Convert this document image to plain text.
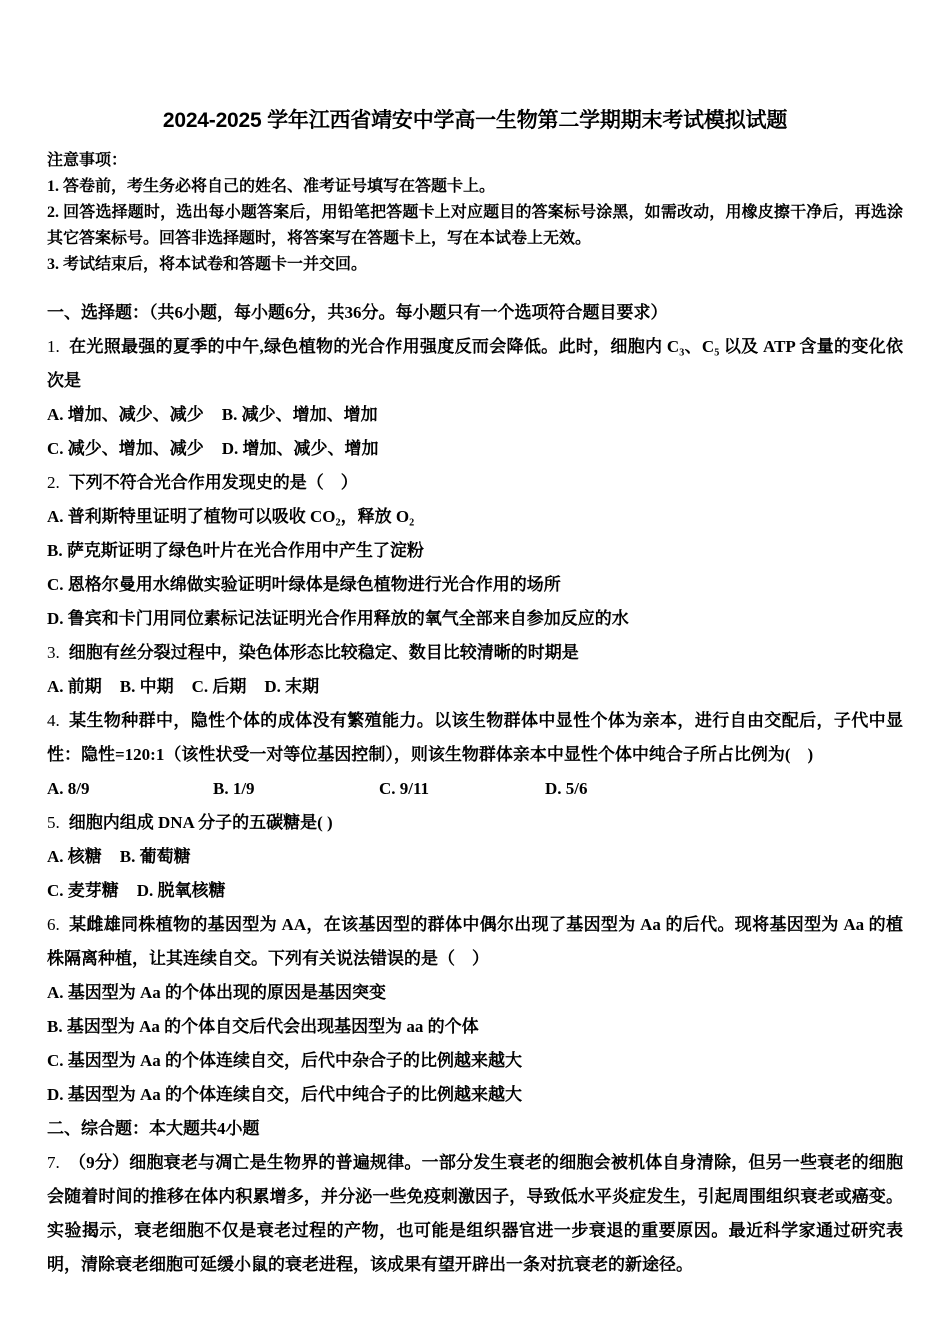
2024-2025 学年江西省靖安中学高一生物第二学期期末考试模拟试题
注意事项：
1. 答卷前，考生务必将自己的姓名、准考证号填写在答题卡上。
2. 回答选择题时，选出每小题答案后，用铅笔把答题卡上对应题目的答案标号涂黑，如需改动，用橡皮擦干净后，再选涂其它答案标号。回答非选择题时，将答案写在答题卡上，写在本试卷上无效。
3. 考试结束后，将本试卷和答题卡一并交回。
一、选择题：（共6小题，每小题6分，共36分。每小题只有一个选项符合题目要求）
1. 在光照最强的夏季的中午,绿色植物的光合作用强度反而会降低。此时，细胞内 C₃、C₅ 以及 ATP 含量的变化依次是
A. 增加、减少、减少 B. 减少、增加、增加
C. 减少、增加、减少 D. 增加、减少、增加
2. 下列不符合光合作用发现史的是（　）
A. 普利斯特里证明了植物可以吸收 CO₂，释放 O₂
B. 萨克斯证明了绿色叶片在光合作用中产生了淀粉
C. 恩格尔曼用水绵做实验证明叶绿体是绿色植物进行光合作用的场所
D. 鲁宾和卡门用同位素标记法证明光合作用释放的氧气全部来自参加反应的水
3. 细胞有丝分裂过程中，染色体形态比较稳定、数目比较清晰的时期是
A. 前期 B. 中期 C. 后期 D. 末期
4. 某生物种群中，隐性个体的成体没有繁殖能力。以该生物群体中显性个体为亲本，进行自由交配后，子代中显性：隐性=120:1（该性状受一对等位基因控制），则该生物群体亲本中显性个体中纯合子所占比例为(　)
A. 8/9	B. 1/9	C. 9/11	D. 5/6
5. 细胞内组成 DNA 分子的五碳糖是( )
A. 核糖 B. 葡萄糖
C. 麦芽糖 D. 脱氧核糖
6. 某雌雄同株植物的基因型为 AA，在该基因型的群体中偶尔出现了基因型为 Aa 的后代。现将基因型为 Aa 的植株隔离种植，让其连续自交。下列有关说法错误的是（　）
A. 基因型为 Aa 的个体出现的原因是基因突变
B. 基因型为 Aa 的个体自交后代会出现基因型为 aa 的个体
C. 基因型为 Aa 的个体连续自交，后代中杂合子的比例越来越大
D. 基因型为 Aa 的个体连续自交，后代中纯合子的比例越来越大
二、综合题：本大题共4小题
7. （9分）细胞衰老与凋亡是生物界的普遍规律。一部分发生衰老的细胞会被机体自身清除，但另一些衰老的细胞会随着时间的推移在体内积累增多，并分泌一些免疫刺激因子，导致低水平炎症发生，引起周围组织衰老或癌变。实验揭示，衰老细胞不仅是衰老过程的产物，也可能是组织器官进一步衰退的重要原因。最近科学家通过研究表明，清除衰老细胞可延缓小鼠的衰老进程，该成果有望开辟出一条对抗衰老的新途径。
